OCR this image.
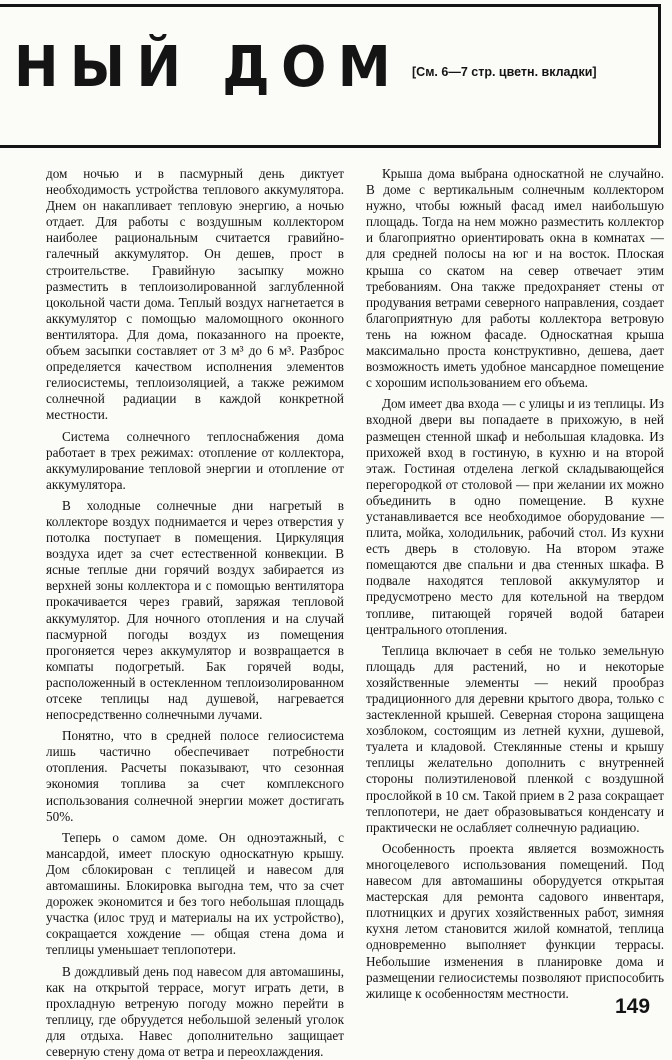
НЫЙ ДОМ [См. 6—7 стр. цветн. вкладки]

дом ночью и в пасмурный день диктует необходимость устройства теплового аккумулятора. Днем он накапливает тепловую энергию, а ночью отдает. Для работы с воздушным коллектором наиболее рациональным считается гравийно-галечный аккумулятор. Он дешев, прост в строительстве. Гравийную засыпку можно разместить в теплоизолированной заглубленной цокольной части дома. Теплый воздух нагнетается в аккумулятор с помощью маломощного оконного вентилятора. Для дома, показанного на проекте, объем засыпки составляет от 3 м³ до 6 м³. Разброс определяется качеством исполнения элементов гелиосистемы, теплоизоляцией, а также режимом солнечной радиации в каждой конкретной местности.

Система солнечного теплоснабжения дома работает в трех режимах: отопление от коллектора, аккумулирование тепловой энергии и отопление от аккумулятора.

В холодные солнечные дни нагретый в коллекторе воздух поднимается и через отверстия у потолка поступает в помещения. Циркуляция воздуха идет за счет естественной конвекции. В ясные теплые дни горячий воздух забирается из верхней зоны коллектора и с помощью вентилятора прокачивается через гравий, заряжая тепловой аккумулятор. Для ночного отопления и на случай пасмурной погоды воздух из помещения прогоняется через аккумулятор и возвращается в компаты подогретый. Бак горячей воды, расположенный в остекленном теплоизолированном отсеке теплицы над душевой, нагревается непосредственно солнечными лучами.

Понятно, что в средней полосе гелиосистема лишь частично обеспечивает потребности отопления. Расчеты показывают, что сезонная экономия топлива за счет комплексного использования солнечной энергии может достигать 50%.

Теперь о самом доме. Он одноэтажный, с мансардой, имеет плоскую односкатную крышу. Дом сблокирован с теплицей и навесом для автомашины. Блокировка выгодна тем, что за счет дорожек экономится и без того небольшая площадь участка (илос труд и материалы на их устройство), сокращается хождение — общая стена дома и теплицы уменьшает теплопотери.

В дождливый день под навесом для автомашины, как на открытой террасе, могут играть дети, в прохладную ветреную погоду можно перейти в теплицу, где обруудется небольшой зеленый уголок для отдыха. Навес дополнительно защищает северную стену дома от ветра и переохлаждения.

Крыша дома выбрана односкатной не случайно. В доме с вертикальным солнечным коллектором нужно, чтобы южный фасад имел наибольшую площадь. Тогда на нем можно разместить коллектор и благоприятно ориентировать окна в комнатах — для средней полосы на юг и на восток. Плоская крыша со скатом на север отвечает этим требованиям. Она также предохраняет стены от продувания ветрами северного направления, создает благоприятную для работы коллектора ветровую тень на южном фасаде. Односкатная крыша максимально проста конструктивно, дешева, дает возможность иметь удобное мансардное помещение с хорошим использованием его объема.

Дом имеет два входа — с улицы и из теплицы. Из входной двери вы попадаете в прихожую, в ней размещен стенной шкаф и небольшая кладовка. Из прихожей вход в гостиную, в кухню и на второй этаж. Гостиная отделена легкой складывающейся перегородкой от столовой — при желании их можно объединить в одно помещение. В кухне устанавливается все необходимое оборудование — плита, мойка, холодильник, рабочий стол. Из кухни есть дверь в столовую. На втором этаже помещаются две спальни и два стенных шкафа. В подвале находятся тепловой аккумулятор и предусмотрено место для котельной на твердом топливе, питающей горячей водой батареи центрального отопления.

Теплица включает в себя не только земельную площадь для растений, но и некоторые хозяйственные элементы — некий прообраз традиционного для деревни крытого двора, только с застекленной крышей. Северная сторона защищена хозблоком, состоящим из летней кухни, душевой, туалета и кладовой. Стеклянные стены и крышу теплицы желательно дополнить с внутренней стороны полиэтиленовой пленкой с воздушной прослойкой в 10 см. Такой прием в 2 раза сокращает теплопотери, не дает образовываться конденсату и практически не ослабляет солнечную радиацию.

Особенность проекта является возможность многоцелевого использования помещений. Под навесом для автомашины оборудуется открытая мастерская для ремонта садового инвентаря, плотницких и других хозяйственных работ, зимняя кухня летом становится жилой комнатой, теплица одновременно выполняет функции террасы. Небольшие изменения в планировке дома и размещении гелиосистемы позволяют приспособить жилище к особенностям местности.

149
